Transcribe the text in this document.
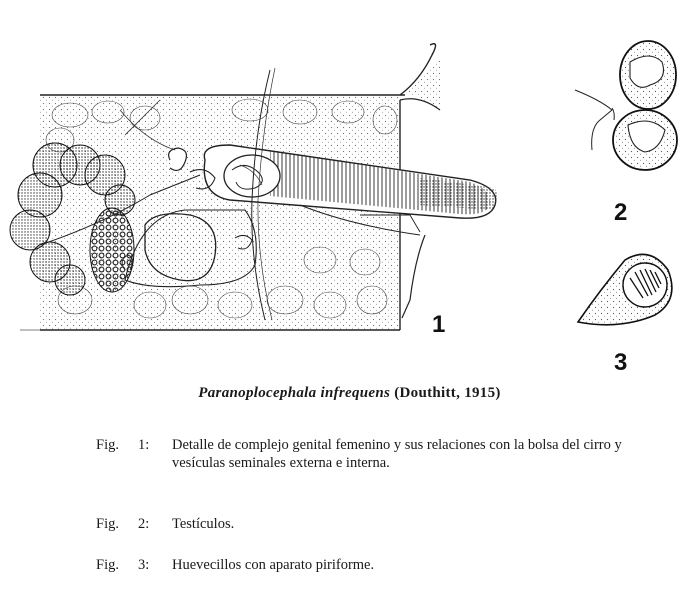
2
3
1
Paranoplocephala infrequens (Douthitt, 1915)
Fig.	1:	Detalle de complejo genital femenino y sus relaciones con la bolsa del cirro y vesículas seminales externa e interna.
Fig.	2:	Testículos.
Fig.	3:	Huevecillos con aparato piriforme.
